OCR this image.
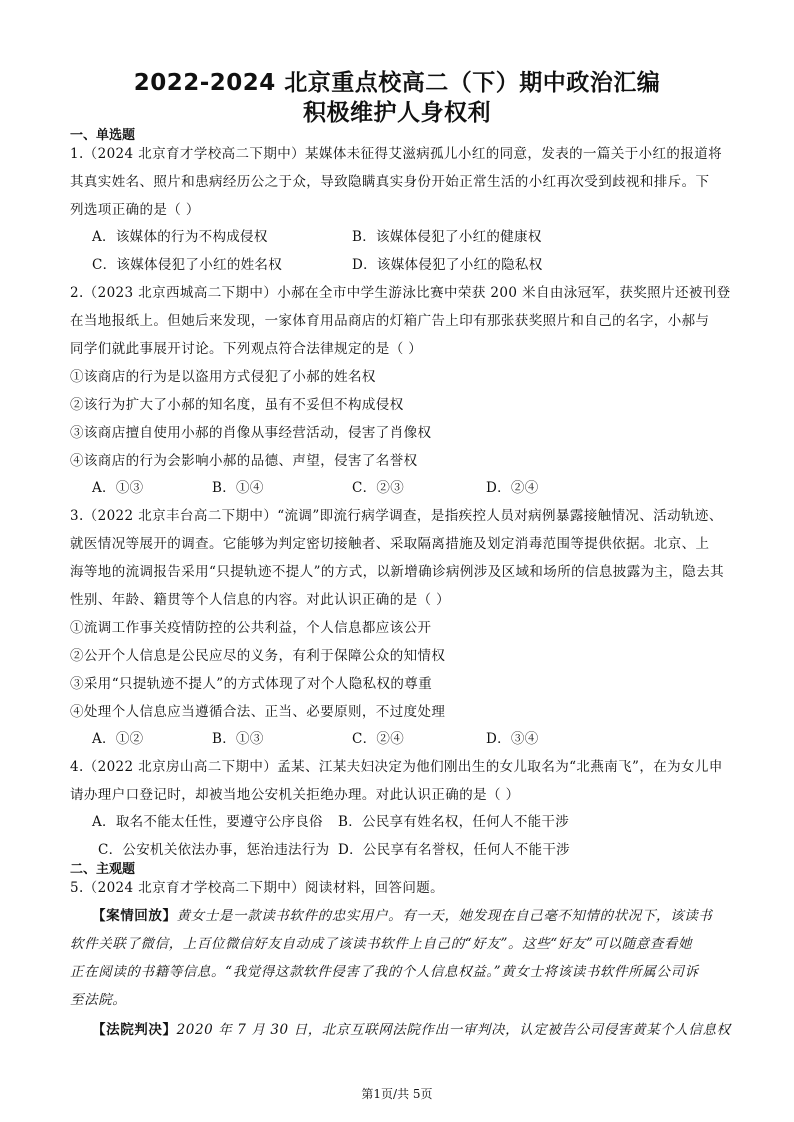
2022-2024 北京重点校高二（下）期中政治汇编
积极维护人身权利
一、单选题
1.（2024 北京育才学校高二下期中）某媒体未征得艾滋病孤儿小红的同意，发表的一篇关于小红的报道将
其真实姓名、照片和患病经历公之于众，导致隐瞒真实身份开始正常生活的小红再次受到歧视和排斥。下
列选项正确的是（ ）
A．该媒体的行为不构成侵权	B．该媒体侵犯了小红的健康权
C．该媒体侵犯了小红的姓名权	D．该媒体侵犯了小红的隐私权
2.（2023 北京西城高二下期中）小郝在全市中学生游泳比赛中荣获 200 米自由泳冠军，获奖照片还被刊登
在当地报纸上。但她后来发现，一家体育用品商店的灯箱广告上印有那张获奖照片和自己的名字，小郝与
同学们就此事展开讨论。下列观点符合法律规定的是（ ）
①该商店的行为是以盗用方式侵犯了小郝的姓名权
②该行为扩大了小郝的知名度，虽有不妥但不构成侵权
③该商店擅自使用小郝的肖像从事经营活动，侵害了肖像权
④该商店的行为会影响小郝的品德、声望，侵害了名誉权
A．①③	B．①④	C．②③	D．②④
3.（2022 北京丰台高二下期中）“流调”即流行病学调查，是指疾控人员对病例暴露接触情况、活动轨迹、
就医情况等展开的调查。它能够为判定密切接触者、采取隔离措施及划定消毒范围等提供依据。北京、上
海等地的流调报告采用“只提轨迹不提人”的方式，以新增确诊病例涉及区域和场所的信息披露为主，隐去其
性别、年龄、籍贯等个人信息的内容。对此认识正确的是（ ）
①流调工作事关疫情防控的公共利益，个人信息都应该公开
②公开个人信息是公民应尽的义务，有利于保障公众的知情权
③采用“只提轨迹不提人”的方式体现了对个人隐私权的尊重
④处理个人信息应当遵循合法、正当、必要原则，不过度处理
A．①②	B．①③	C．②④	D．③④
4.（2022 北京房山高二下期中）孟某、江某夫妇决定为他们刚出生的女儿取名为“北燕南飞”，在为女儿申
请办理户口登记时，却被当地公安机关拒绝办理。对此认识正确的是（ ）
A．取名不能太任性，要遵守公序良俗 B．公民享有姓名权，任何人不能干涉
C．公安机关依法办事，惩治违法行为 D．公民享有名誉权，任何人不能干涉
二、主观题
5.（2024 北京育才学校高二下期中）阅读材料，回答问题。
【案情回放】黄女士是一款读书软件的忠实用户。有一天，她发现在自己毫不知情的状况下，该读书
软件关联了微信，上百位微信好友自动成了该读书软件上自己的“好友”。这些“好友”可以随意查看她
正在阅读的书籍等信息。“我觉得这款软件侵害了我的个人信息权益。”黄女士将该读书软件所属公司诉
至法院。
【法院判决】2020 年 7 月 30 日，北京互联网法院作出一审判决，认定被告公司侵害黄某个人信息权
第1页/共 5页
